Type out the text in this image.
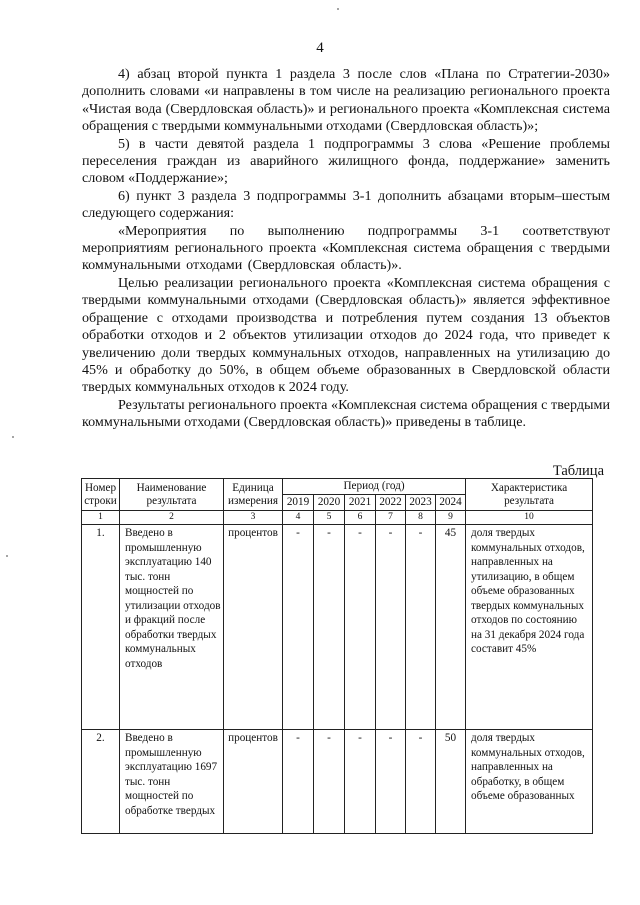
4

4) абзац второй пункта 1 раздела 3 после слов «Плана по Стратегии-2030» дополнить словами «и направлены в том числе на реализацию регионального проекта «Чистая вода (Свердловская область)» и регионального проекта «Комплексная система обращения с твердыми коммунальными отходами (Свердловская область)»;

5) в части девятой раздела 1 подпрограммы 3 слова «Решение проблемы переселения граждан из аварийного жилищного фонда, поддержание» заменить словом «Поддержание»;

6) пункт 3 раздела 3 подпрограммы 3-1 дополнить абзацами вторым–шестым следующего содержания:

«Мероприятия по выполнению подпрограммы 3-1 соответствуют мероприятиям регионального проекта «Комплексная система обращения с твердыми коммунальными отходами (Свердловская область)».

Целью реализации регионального проекта «Комплексная система обращения с твердыми коммунальными отходами (Свердловская область)» является эффективное обращение с отходами производства и потребления путем создания 13 объектов обработки отходов и 2 объектов утилизации отходов до 2024 года, что приведет к увеличению доли твердых коммунальных отходов, направленных на утилизацию до 45% и обработку до 50%, в общем объеме образованных в Свердловской области твердых коммунальных отходов к 2024 году.

Результаты регионального проекта «Комплексная система обращения с твердыми коммунальными отходами (Свердловская область)» приведены в таблице.

Таблица
Номер строки	Наименование результата	Единица измерения	Период (год)						Характеристика результата
			2019	2020	2021	2022	2023	2024	
1	2	3	4	5	6	7	8	9	10
1.	Введено в промышленную эксплуатацию 140 тыс. тонн мощностей по утилизации отходов и фракций после обработки твердых коммунальных отходов	процентов	-	-	-	-	-	45	доля твердых коммунальных отходов, направленных на утилизацию, в общем объеме образованных твердых коммунальных отходов по состоянию на 31 декабря 2024 года составит 45%
2.	Введено в промышленную эксплуатацию 1697 тыс. тонн мощностей по обработке твердых	процентов	-	-	-	-	-	50	доля твердых коммунальных отходов, направленных на обработку, в общем объеме образованных
